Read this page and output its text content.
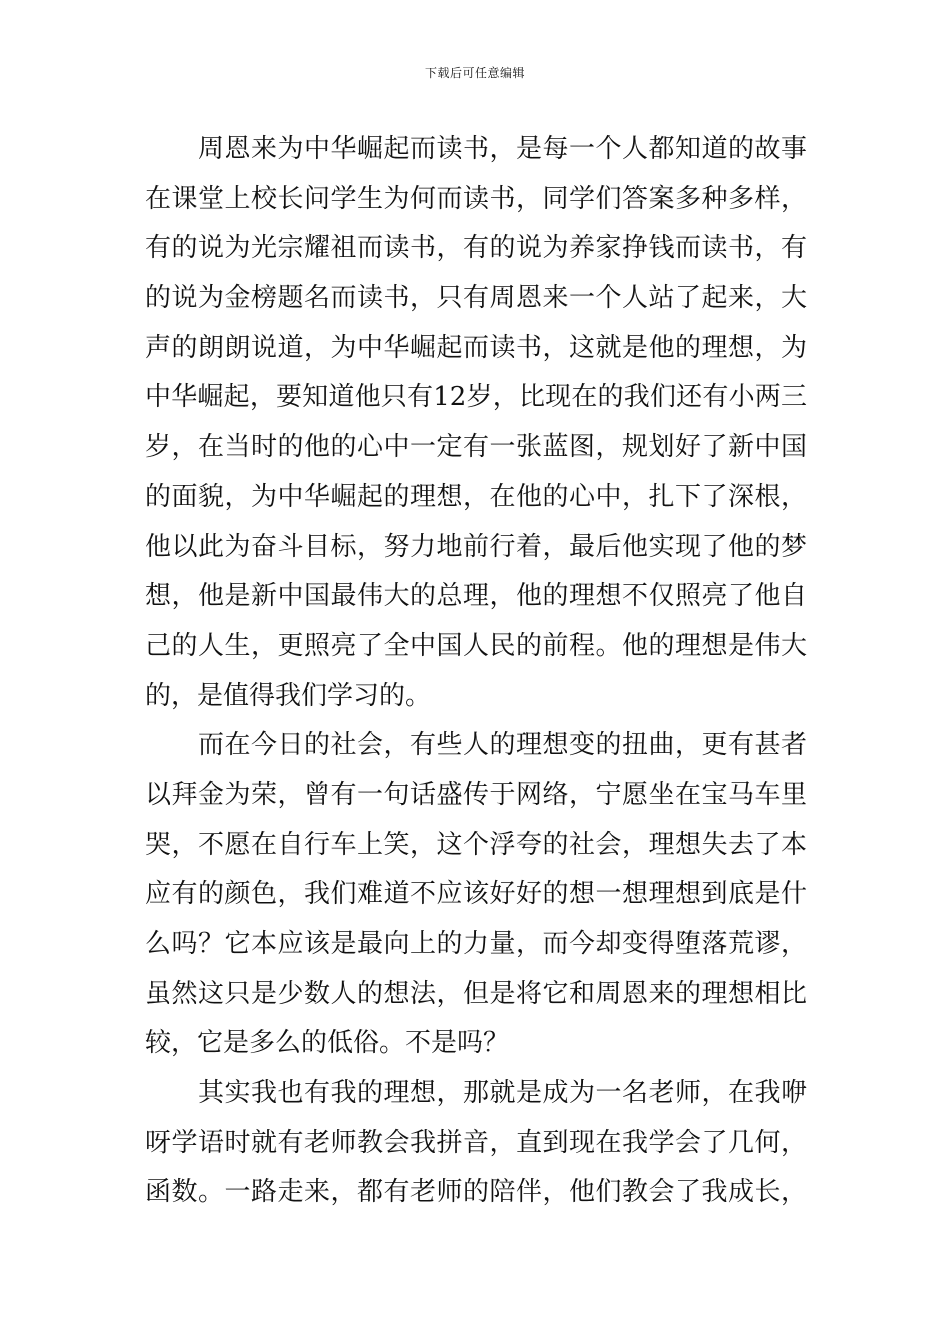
下载后可任意编辑
周恩来为中华崛起而读书，是每一个人都知道的故事
在课堂上校长问学生为何而读书，同学们答案多种多样，
有的说为光宗耀祖而读书，有的说为养家挣钱而读书，有
的说为金榜题名而读书，只有周恩来一个人站了起来，大
声的朗朗说道，为中华崛起而读书，这就是他的理想，为
中华崛起，要知道他只有12岁，比现在的我们还有小两三
岁，在当时的他的心中一定有一张蓝图，规划好了新中国
的面貌，为中华崛起的理想，在他的心中，扎下了深根，
他以此为奋斗目标，努力地前行着，最后他实现了他的梦
想，他是新中国最伟大的总理，他的理想不仅照亮了他自
己的人生，更照亮了全中国人民的前程。他的理想是伟大
的，是值得我们学习的。
而在今日的社会，有些人的理想变的扭曲，更有甚者
以拜金为荣，曾有一句话盛传于网络，宁愿坐在宝马车里
哭，不愿在自行车上笑，这个浮夸的社会，理想失去了本
应有的颜色，我们难道不应该好好的想一想理想到底是什
么吗？它本应该是最向上的力量，而今却变得堕落荒谬，
虽然这只是少数人的想法，但是将它和周恩来的理想相比
较，它是多么的低俗。不是吗？
其实我也有我的理想，那就是成为一名老师，在我咿
呀学语时就有老师教会我拼音，直到现在我学会了几何，
函数。一路走来，都有老师的陪伴，他们教会了我成长，
